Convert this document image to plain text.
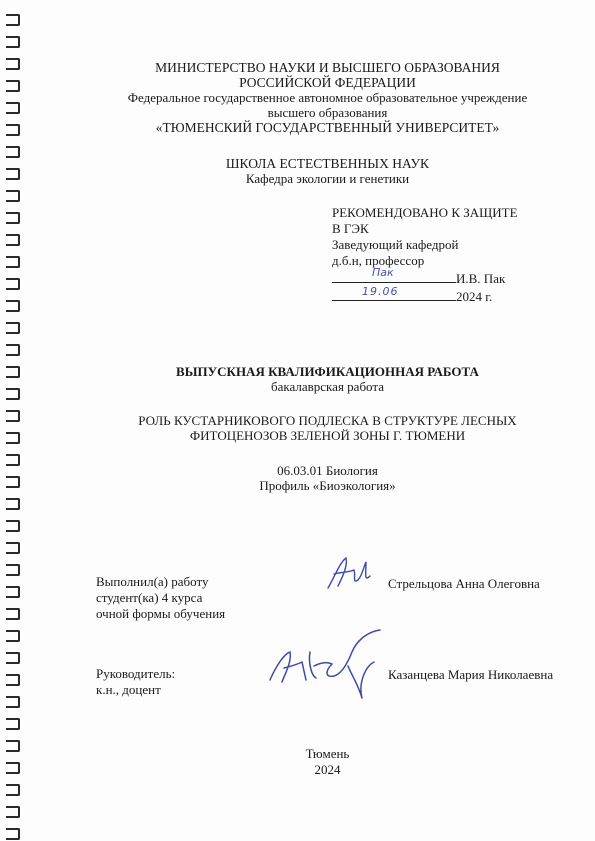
МИНИСТЕРСТВО НАУКИ И ВЫСШЕГО ОБРАЗОВАНИЯ
РОССИЙСКОЙ ФЕДЕРАЦИИ
Федеральное государственное автономное образовательное учреждение
высшего образования
«ТЮМЕНСКИЙ ГОСУДАРСТВЕННЫЙ УНИВЕРСИТЕТ»
ШКОЛА ЕСТЕСТВЕННЫХ НАУК
Кафедра экологии и генетики
РЕКОМЕНДОВАНО К ЗАЩИТЕ
В ГЭК
Заведующий кафедрой
д.б.н, профессор
Пак	И.В. Пак
19.06	2024 г.
ВЫПУСКНАЯ КВАЛИФИКАЦИОННАЯ РАБОТА
бакалаврская работа
РОЛЬ КУСТАРНИКОВОГО ПОДЛЕСКА В СТРУКТУРЕ ЛЕСНЫХ
ФИТОЦЕНОЗОВ ЗЕЛЕНОЙ ЗОНЫ Г. ТЮМЕНИ
06.03.01 Биология
Профиль «Биоэкология»
Выполнил(а) работу
студент(ка) 4 курса
очной формы обучения
Стрельцова Анна Олеговна
Руководитель:
к.н., доцент
Казанцева Мария Николаевна
Тюмень
2024
